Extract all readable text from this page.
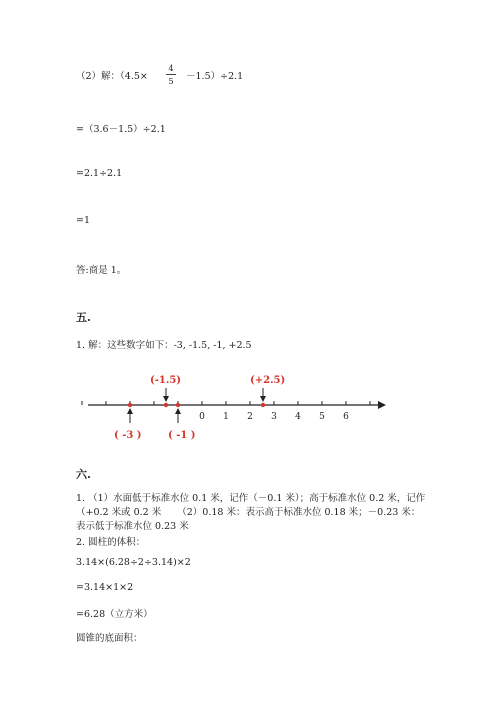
（2）解：（4.5×
4
5 －1.5）÷2.1
=（3.6－1.5）÷2.1
=2.1÷2.1
=1
答:商是 1。
五.
1. 解：这些数字如下：-3, -1.5, -1, +2.5
0 1 2 3 4 5 6
(-1.5)	(+2.5)
( -3 )	( -1 )
六.
1. （1）水面低于标准水位 0.1 米，记作（－0.1 米）；高于标准水位 0.2 米，记作（+0.2 米或 0.2 米 （2）0.18 米：表示高于标准水位 0.18 米；－0.23 米：表示低于标准水位 0.23 米
2. 圆柱的体积：
3.14×(6.28÷2÷3.14)×2
=3.14×1×2
=6.28（立方米）
圆锥的底面积：
